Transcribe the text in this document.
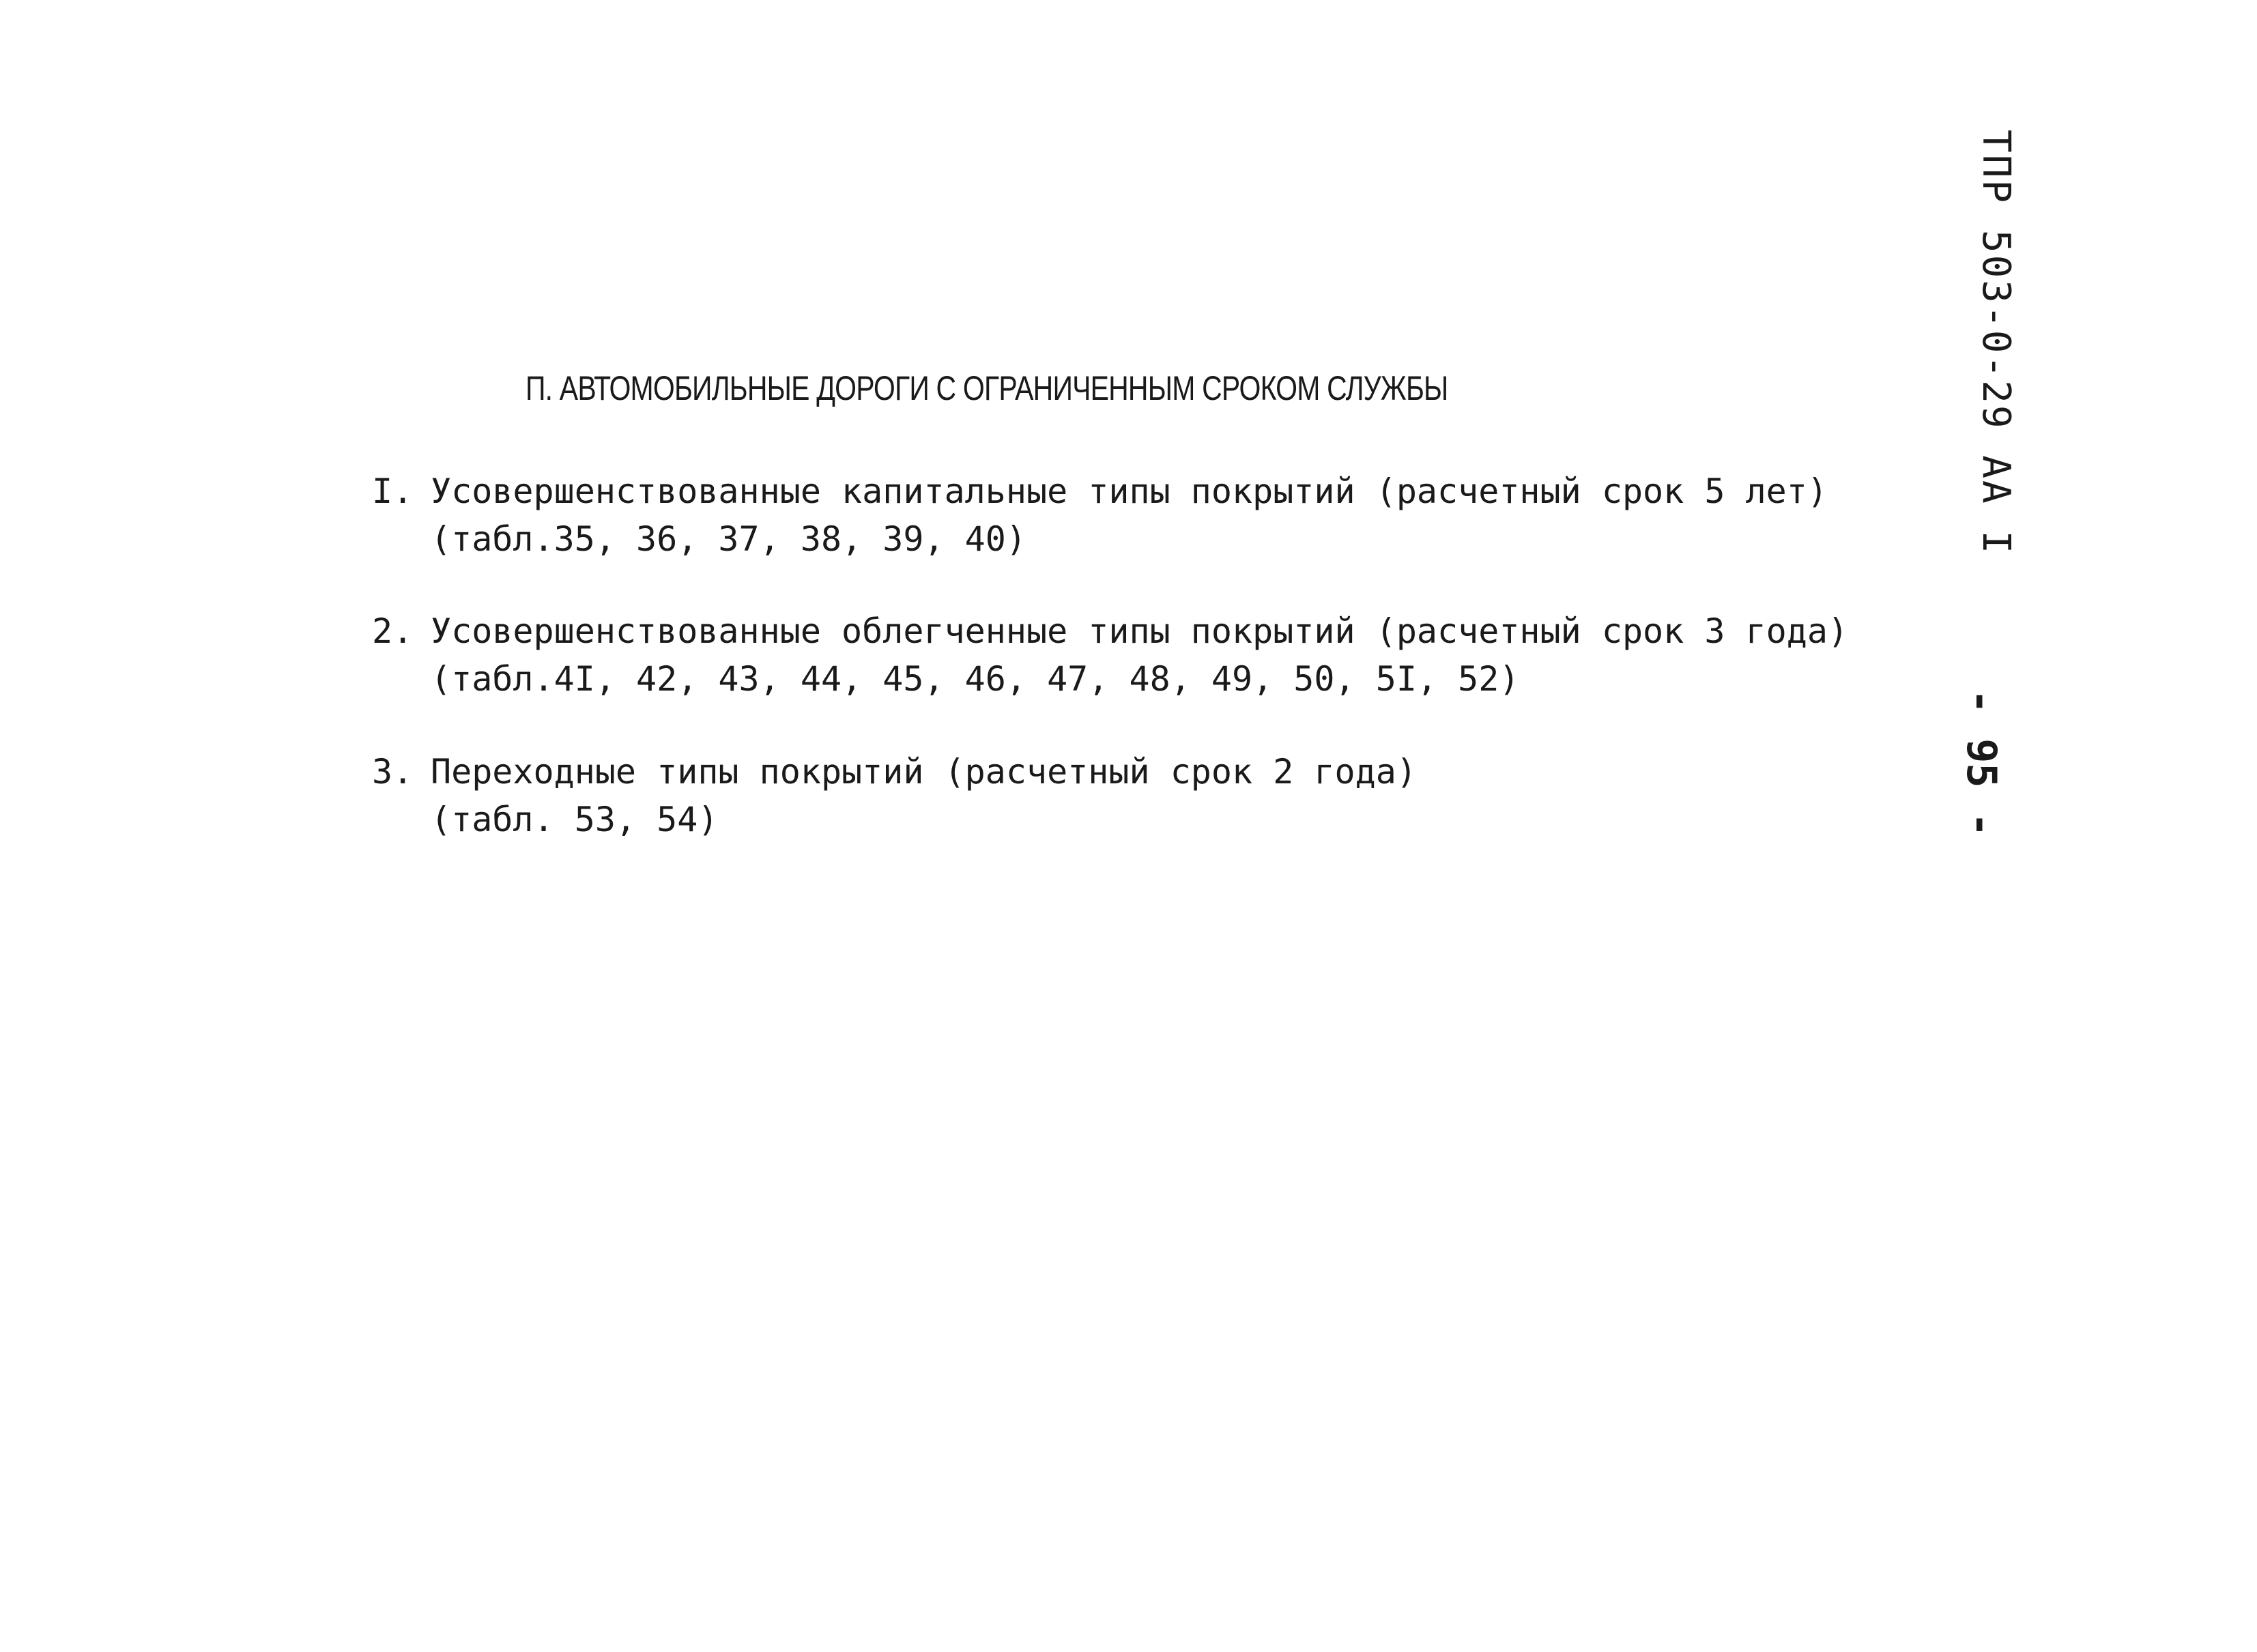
П. АВТОМОБИЛЬНЫЕ ДОРОГИ С ОГРАНИЧЕННЫМ СРОКОМ СЛУЖБЫ
I. Усовершенствованные капитальные типы покрытий (расчетный срок 5 лет)
(табл.35, 36, 37, 38, 39, 40)
2. Усовершенствованные облегченные типы покрытий (расчетный срок 3 года)
(табл.4I, 42, 43, 44, 45, 46, 47, 48, 49, 50, 5I, 52)
3. Переходные типы покрытий (расчетный срок 2 года)
(табл. 53, 54)
ТПР 503-0-29 АА I
- 95 -
